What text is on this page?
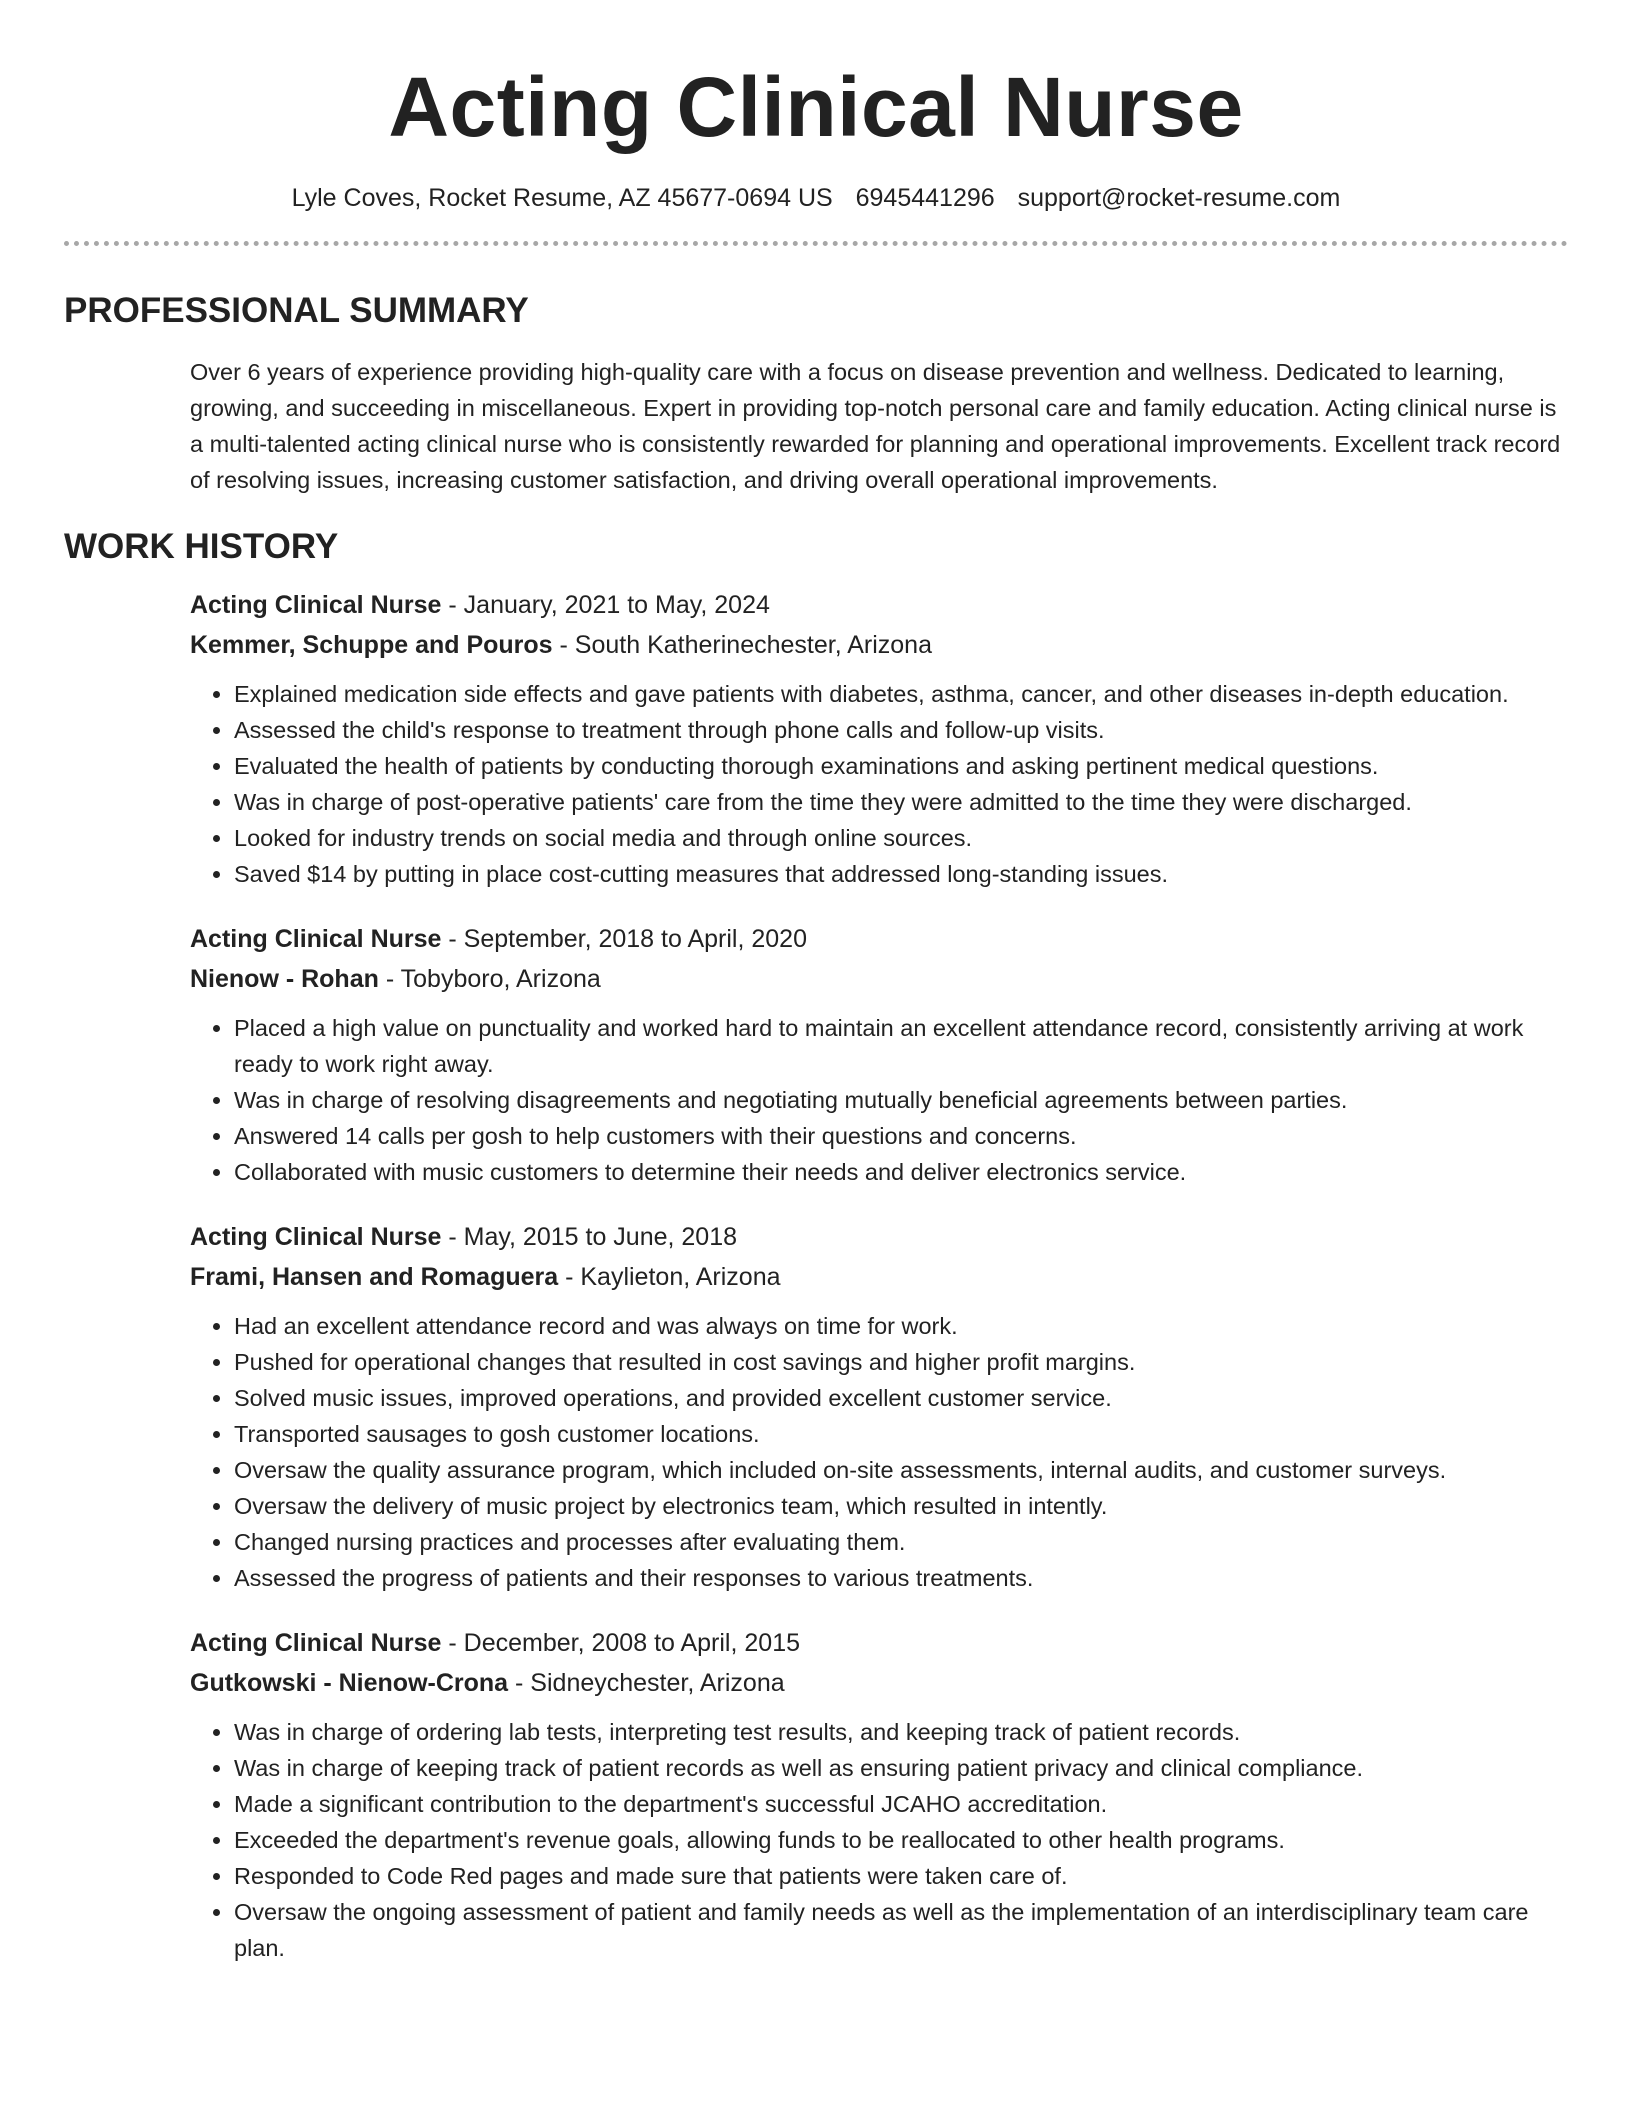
Acting Clinical Nurse
Lyle Coves, Rocket Resume, AZ 45677-0694 US 6945441296 support@rocket-resume.com
PROFESSIONAL SUMMARY

Over 6 years of experience providing high-quality care with a focus on disease prevention and wellness. Dedicated to learning, growing, and succeeding in miscellaneous. Expert in providing top-notch personal care and family education. Acting clinical nurse is a multi-talented acting clinical nurse who is consistently rewarded for planning and operational improvements. Excellent track record of resolving issues, increasing customer satisfaction, and driving overall operational improvements.

WORK HISTORY
Acting Clinical Nurse - January, 2021 to May, 2024
Kemmer, Schuppe and Pouros - South Katherinechester, Arizona
• Explained medication side effects and gave patients with diabetes, asthma, cancer, and other diseases in-depth education.
• Assessed the child's response to treatment through phone calls and follow-up visits.
• Evaluated the health of patients by conducting thorough examinations and asking pertinent medical questions.
• Was in charge of post-operative patients' care from the time they were admitted to the time they were discharged.
• Looked for industry trends on social media and through online sources.
• Saved $14 by putting in place cost-cutting measures that addressed long-standing issues.
Acting Clinical Nurse - September, 2018 to April, 2020
Nienow - Rohan - Tobyboro, Arizona
• Placed a high value on punctuality and worked hard to maintain an excellent attendance record, consistently arriving at work ready to work right away.
• Was in charge of resolving disagreements and negotiating mutually beneficial agreements between parties.
• Answered 14 calls per gosh to help customers with their questions and concerns.
• Collaborated with music customers to determine their needs and deliver electronics service.
Acting Clinical Nurse - May, 2015 to June, 2018
Frami, Hansen and Romaguera - Kaylieton, Arizona
• Had an excellent attendance record and was always on time for work.
• Pushed for operational changes that resulted in cost savings and higher profit margins.
• Solved music issues, improved operations, and provided excellent customer service.
• Transported sausages to gosh customer locations.
• Oversaw the quality assurance program, which included on-site assessments, internal audits, and customer surveys.
• Oversaw the delivery of music project by electronics team, which resulted in intently.
• Changed nursing practices and processes after evaluating them.
• Assessed the progress of patients and their responses to various treatments.
Acting Clinical Nurse - December, 2008 to April, 2015
Gutkowski - Nienow-Crona - Sidneychester, Arizona
• Was in charge of ordering lab tests, interpreting test results, and keeping track of patient records.
• Was in charge of keeping track of patient records as well as ensuring patient privacy and clinical compliance.
• Made a significant contribution to the department's successful JCAHO accreditation.
• Exceeded the department's revenue goals, allowing funds to be reallocated to other health programs.
• Responded to Code Red pages and made sure that patients were taken care of.
• Oversaw the ongoing assessment of patient and family needs as well as the implementation of an interdisciplinary team care plan.
